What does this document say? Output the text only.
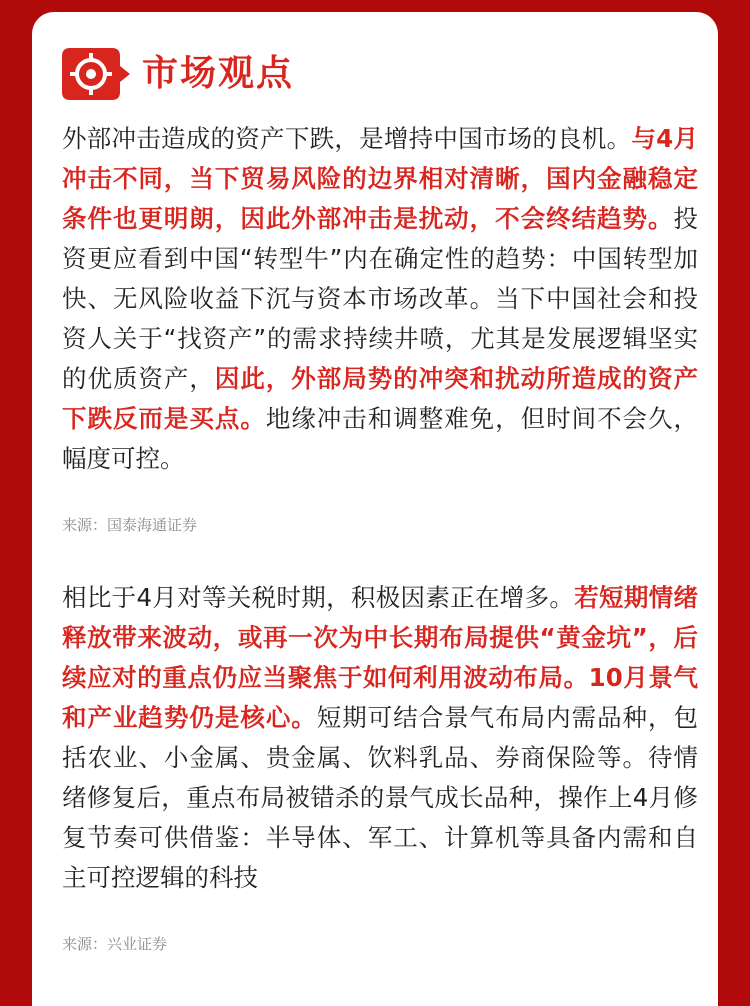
市场观点

外部冲击造成的资产下跌，是增持中国市场的良机。与4月冲击不同，当下贸易风险的边界相对清晰，国内金融稳定条件也更明朗，因此外部冲击是扰动，不会终结趋势。投资更应看到中国“转型牛”内在确定性的趋势：中国转型加快、无风险收益下沉与资本市场改革。当下中国社会和投资人关于“找资产”的需求持续井喷，尤其是发展逻辑坚实的优质资产，因此，外部局势的冲突和扰动所造成的资产下跌反而是买点。地缘冲击和调整难免，但时间不会久，幅度可控。

来源：国泰海通证券

相比于4月对等关税时期，积极因素正在增多。若短期情绪释放带来波动，或再一次为中长期布局提供“黄金坑”，后续应对的重点仍应当聚焦于如何利用波动布局。10月景气和产业趋势仍是核心。短期可结合景气布局内需品种，包括农业、小金属、贵金属、饮料乳品、券商保险等。待情绪修复后，重点布局被错杀的景气成长品种，操作上4月修复节奏可供借鉴：半导体、军工、计算机等具备内需和自主可控逻辑的科技

来源：兴业证券
